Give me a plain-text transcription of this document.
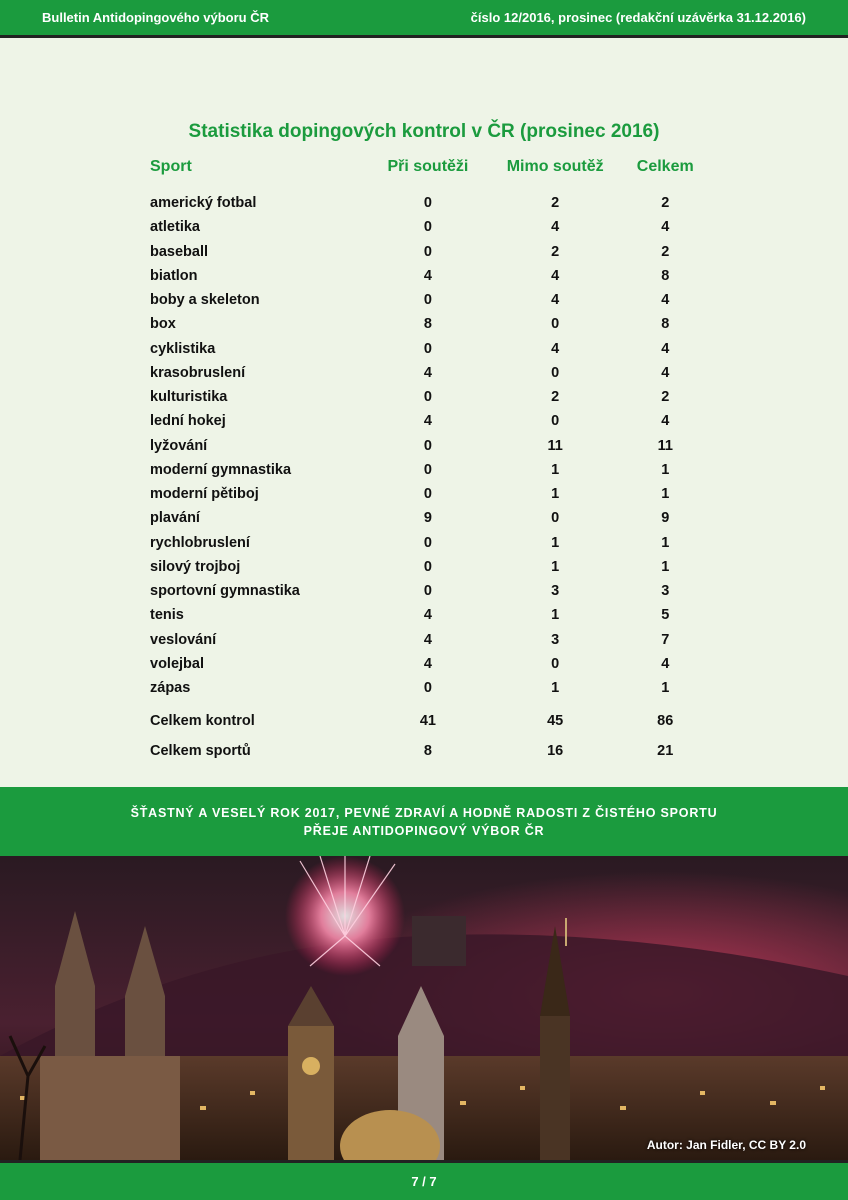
Bulletin Antidopingového výboru ČR	číslo 12/2016, prosinec (redakční uzávěrka 31.12.2016)
Statistika dopingových kontrol v ČR (prosinec 2016)
Sport	Při soutěži	Mimo soutěž	Celkem
americký fotbal	0	2	2
atletika	0	4	4
baseball	0	2	2
biatlon	4	4	8
boby a skeleton	0	4	4
box	8	0	8
cyklistika	0	4	4
krasobruslení	4	0	4
kulturistika	0	2	2
lední hokej	4	0	4
lyžování	0	11	11
moderní gymnastika	0	1	1
moderní pětiboj	0	1	1
plavání	9	0	9
rychlobruslení	0	1	1
silový trojboj	0	1	1
sportovní gymnastika	0	3	3
tenis	4	1	5
veslování	4	3	7
volejbal	4	0	4
zápas	0	1	1
Celkem kontrol	41	45	86
Celkem sportů	8	16	21
ŠŤASTNÝ A VESELÝ ROK 2017, PEVNÉ ZDRAVÍ A HODNĚ RADOSTI Z ČISTÉHO SPORTU
PŘEJE ANTIDOPINGOVÝ VÝBOR ČR
Autor: Jan Fidler, CC BY 2.0
7 / 7
